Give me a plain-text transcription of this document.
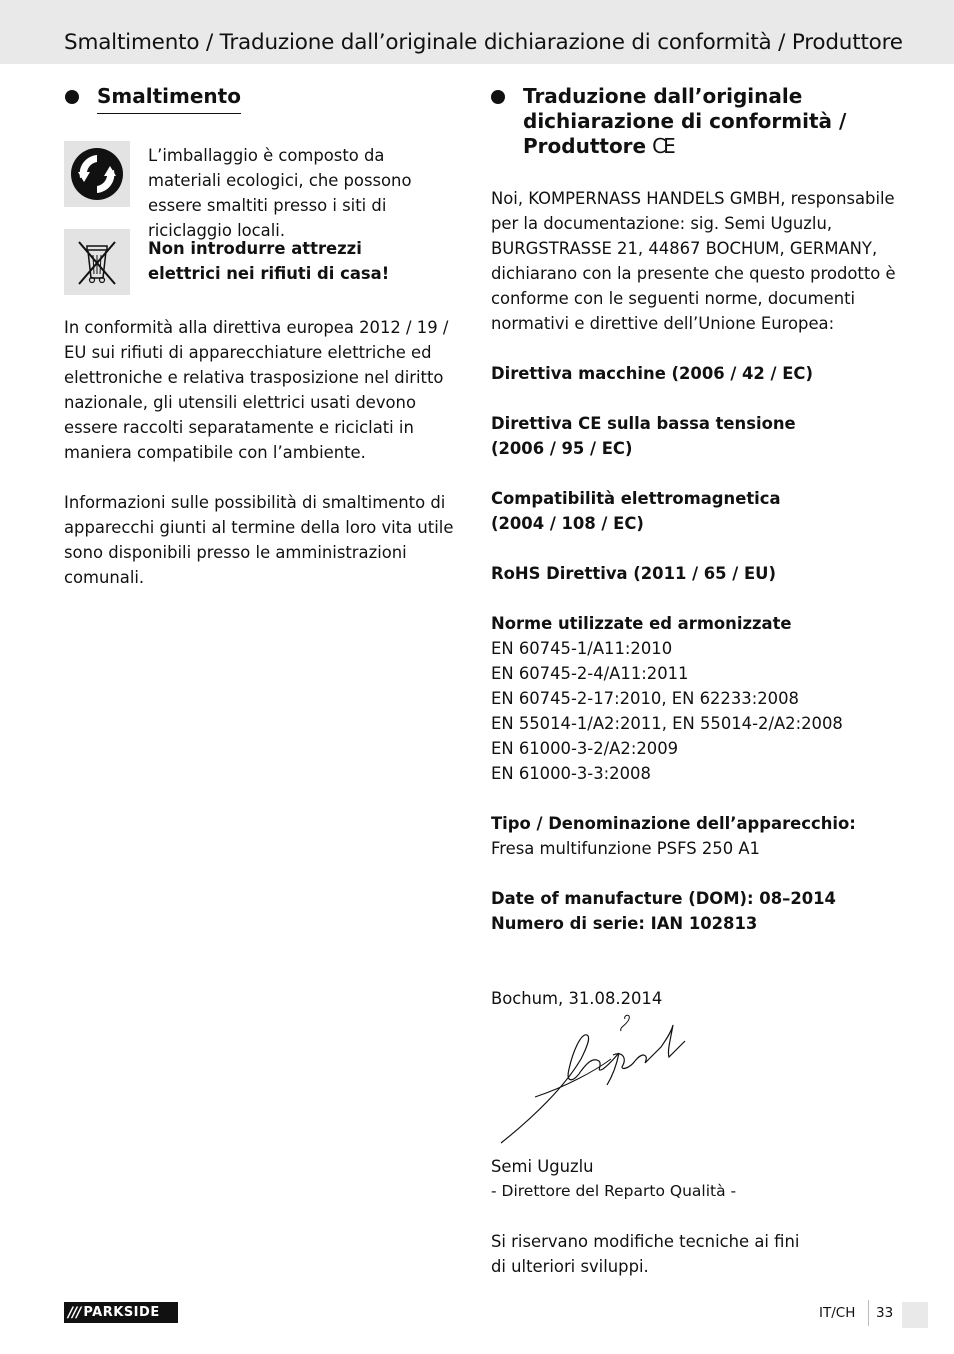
Smaltimento / Traduzione dall’originale dichiarazione di conformità / Produttore
Smaltimento

L’imballaggio è composto da materiali ecologici, che possono essere smaltiti presso i siti di riciclaggio locali.

Non introdurre attrezzi

elettrici nei rifiuti di casa!

In conformità alla direttiva europea 2012 / 19 / EU sui rifiuti di apparecchiature elettriche ed elettroniche e relativa trasposizione nel diritto nazionale, gli utensili elettrici usati devono essere raccolti separatamente e riciclati in maniera compatibile con l’ambiente.

Informazioni sulle possibilità di smaltimento di apparecchi giunti al termine della loro vita utile sono disponibili presso le amministrazioni comunali.

Traduzione dall’originale dichiarazione di conformità / Produttore CE

Noi, KOMPERNASS HANDELS GMBH, responsabile per la documentazione: sig. Semi Uguzlu, BURGSTRASSE 21, 44867 BOCHUM, GERMANY, dichiarano con la presente che questo prodotto è conforme con le seguenti norme, documenti normativi e direttive dell’Unione Europea:

Direttiva macchine (2006 / 42 / EC)

Direttiva CE sulla bassa tensione

(2006 / 95 / EC)

Compatibilità elettromagnetica

(2004 / 108 / EC)

RoHS Direttiva (2011 / 65 / EU)

Norme utilizzate ed armonizzate

EN 60745-1/A11:2010

EN 60745-2-4/A11:2011

EN 60745-2-17:2010, EN 62233:2008

EN 55014-1/A2:2011, EN 55014-2/A2:2008

EN 61000-3-2/A2:2009

EN 61000-3-3:2008

Tipo / Denominazione dell’apparecchio:

Fresa multifunzione PSFS 250 A1

Date of manufacture (DOM): 08–2014

Numero di serie: IAN 102813

Bochum, 31.08.2014

Semi Uguzlu

- Direttore del Reparto Qualità -

Si riservano modifiche tecniche ai fini di ulteriori sviluppi.

/// PARKSIDE	IT/CH 33
